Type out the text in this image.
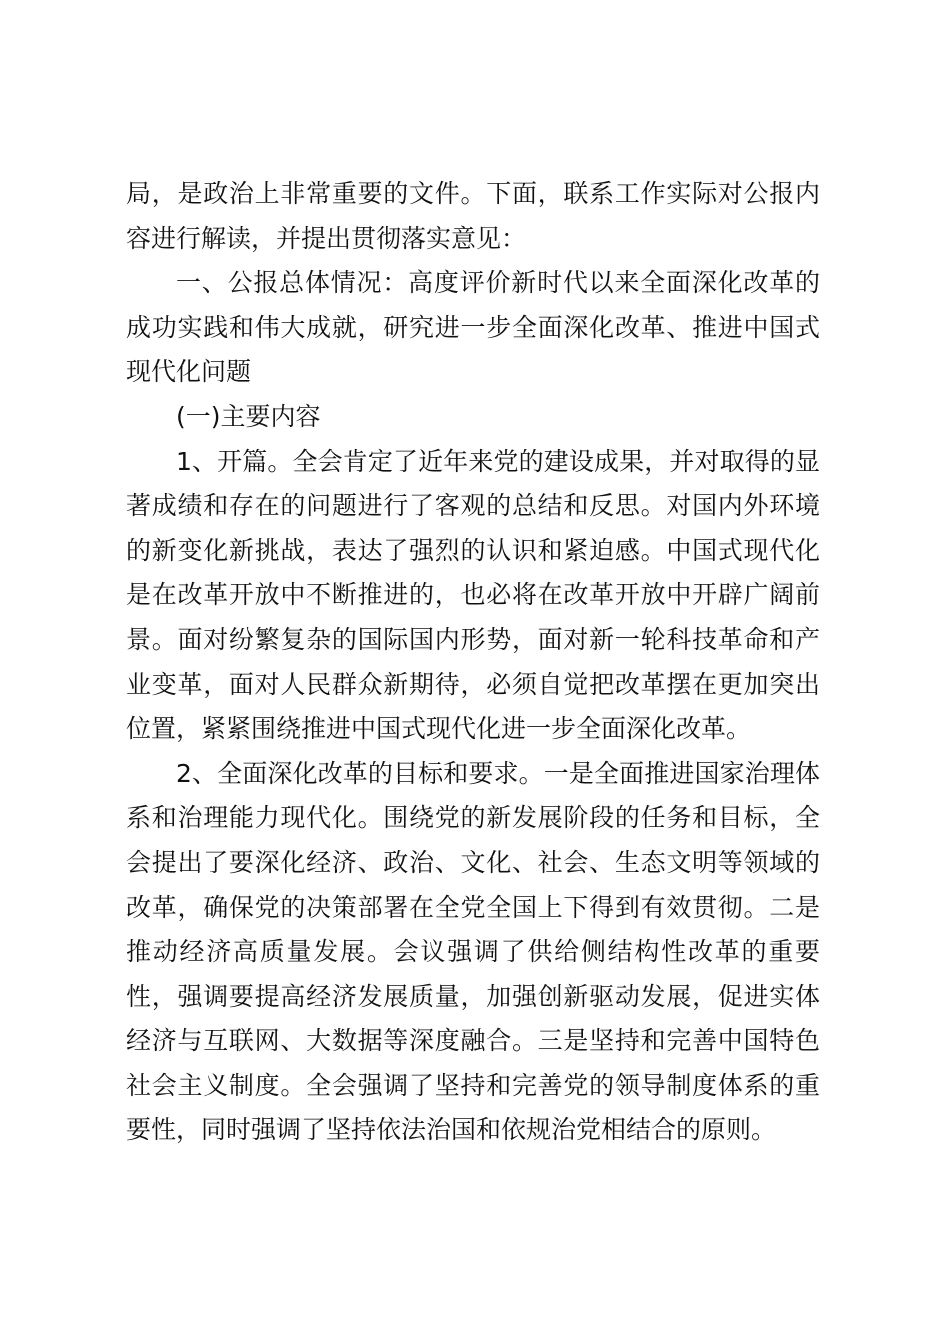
局，是政治上非常重要的文件。下面，联系工作实际对公报内容进行解读，并提出贯彻落实意见：

一、公报总体情况：高度评价新时代以来全面深化改革的成功实践和伟大成就，研究进一步全面深化改革、推进中国式现代化问题

(一)主要内容

1、开篇。全会肯定了近年来党的建设成果，并对取得的显著成绩和存在的问题进行了客观的总结和反思。对国内外环境的新变化新挑战，表达了强烈的认识和紧迫感。中国式现代化是在改革开放中不断推进的，也必将在改革开放中开辟广阔前景。面对纷繁复杂的国际国内形势，面对新一轮科技革命和产业变革，面对人民群众新期待，必须自觉把改革摆在更加突出位置，紧紧围绕推进中国式现代化进一步全面深化改革。

2、全面深化改革的目标和要求。一是全面推进国家治理体系和治理能力现代化。围绕党的新发展阶段的任务和目标，全会提出了要深化经济、政治、文化、社会、生态文明等领域的改革，确保党的决策部署在全党全国上下得到有效贯彻。二是推动经济高质量发展。会议强调了供给侧结构性改革的重要性，强调要提高经济发展质量，加强创新驱动发展，促进实体经济与互联网、大数据等深度融合。三是坚持和完善中国特色社会主义制度。全会强调了坚持和完善党的领导制度体系的重要性，同时强调了坚持依法治国和依规治党相结合的原则。
